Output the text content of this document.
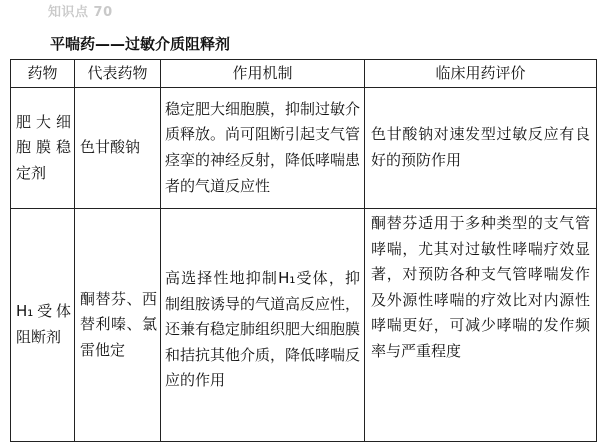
知识点 70
平喘药——过敏介质阻释剂
药物	代表药物	作用机制	临床用药评价
肥大细胞膜稳定剂	色甘酸钠	稳定肥大细胞膜，抑制过敏介质释放。尚可阻断引起支气管痉挛的神经反射，降低哮喘患者的气道反应性	色甘酸钠对速发型过敏反应有良好的预防作用
H₁受体阻断剂	酮替芬、西替利嗪、氯雷他定	高选择性地抑制H₁受体，抑制组胺诱导的气道高反应性，还兼有稳定肺组织肥大细胞膜和拮抗其他介质，降低哮喘反应的作用	酮替芬适用于多种类型的支气管哮喘，尤其对过敏性哮喘疗效显著，对预防各种支气管哮喘发作及外源性哮喘的疗效比对内源性哮喘更好，可减少哮喘的发作频率与严重程度
